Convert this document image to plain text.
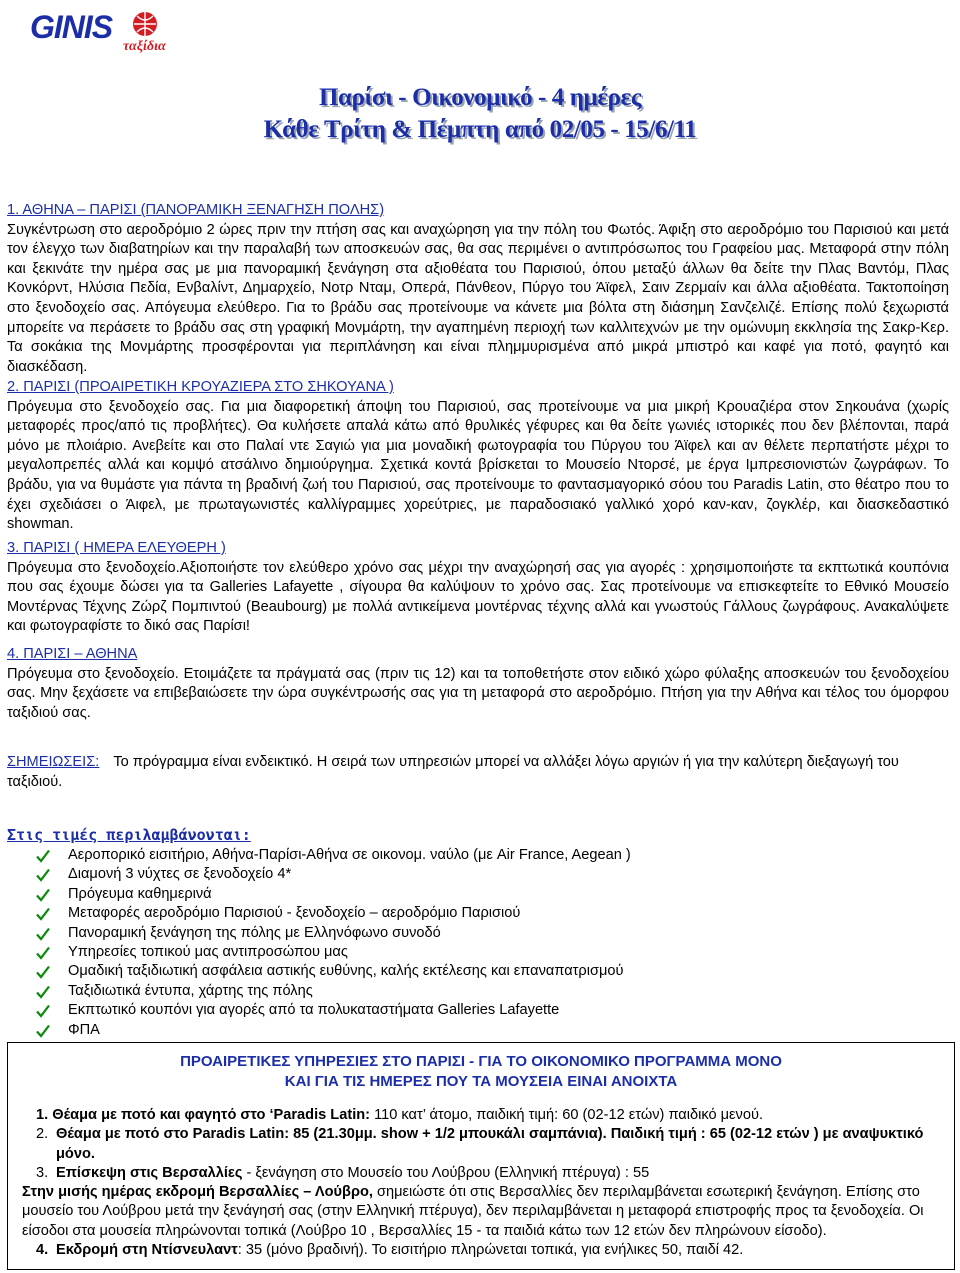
GINIS
ταξίδια
Παρίσι - Οικονομικό - 4 ημέρες
Κάθε Τρίτη & Πέμπτη από 02/05 - 15/6/11

1. ΑΘΗΝΑ – ΠΑΡΙΣΙ (ΠΑΝΟΡΑΜΙΚΗ ΞΕΝΑΓΗΣΗ ΠΟΛΗΣ)

Συγκέντρωση στο αεροδρόμιο 2 ώρες πριν την πτήση σας και αναχώρηση για την πόλη του Φωτός. Άφιξη στο αεροδρόμιο του Παρισιού και μετά τον έλεγχο των διαβατηρίων και την παραλαβή των αποσκευών σας, θα σας περιμένει ο αντιπρόσωπος του Γραφείου μας. Μεταφορά στην πόλη και ξεκινάτε την ημέρα σας με μια πανοραμική ξενάγηση στα αξιοθέατα του Παρισιού, όπου μεταξύ άλλων θα δείτε την Πλας Βαντόμ, Πλας Κονκόρντ, Ηλύσια Πεδία, Ενβαλίντ, Δημαρχείο, Νοτρ Νταμ, Οπερά, Πάνθεον, Πύργο του Άϊφελ, Σαιν Ζερμαίν και άλλα αξιοθέατα. Τακτοποίηση στο ξενοδοχείο σας. Απόγευμα ελεύθερο. Για το βράδυ σας προτείνουμε να κάνετε μια βόλτα στη διάσημη Σανζελιζέ. Επίσης πολύ ξεχωριστά μπορείτε να περάσετε το βράδυ σας στη γραφική Μονμάρτη, την αγαπημένη περιοχή των καλλιτεχνών με την ομώνυμη εκκλησία της Σακρ-Κερ. Τα σοκάκια της Μονμάρτης προσφέρονται για περιπλάνηση και είναι πλημμυρισμένα από μικρά μπιστρό και καφέ για ποτό, φαγητό και διασκέδαση.

2. ΠΑΡΙΣΙ (ΠΡΟΑΙΡΕΤΙΚΗ ΚΡΟΥΑΖΙΕΡΑ ΣΤΟ ΣΗΚΟΥΑΝΑ )

Πρόγευμα στο ξενοδοχείο σας. Για μια διαφορετική άποψη του Παρισιού, σας προτείνουμε να μια μικρή Κρουαζιέρα στον Σηκουάνα (χωρίς μεταφορές προς/από τις προβλήτες). Θα κυλήσετε απαλά κάτω από θρυλικές γέφυρες και θα δείτε γωνιές ιστορικές που δεν βλέπονται, παρά μόνο με πλοιάριο. Ανεβείτε και στο Παλαί ντε Σαγιώ για μια μοναδική φωτογραφία του Πύργου του Άϊφελ και αν θέλετε περπατήστε μέχρι το μεγαλοπρεπές αλλά και κομψό ατσάλινο δημιούργημα. Σχετικά κοντά βρίσκεται το Μουσείο Ντορσέ, με έργα Ιμπρεσιονιστών ζωγράφων. Το βράδυ, για να θυμάστε για πάντα τη βραδινή ζωή του Παρισιού, σας προτείνουμε το φαντασμαγορικό σόου του Paradis Latin, στο θέατρο που το έχει σχεδιάσει ο Άιφελ, με πρωταγωνιστές καλλίγραμμες χορεύτριες, με παραδοσιακό γαλλικό χορό καν-καν, ζογκλέρ, και διασκεδαστικό showman.

3. ΠΑΡΙΣΙ ( ΗΜΕΡΑ ΕΛΕΥΘΕΡΗ )

Πρόγευμα στο ξενοδοχείο.Αξιοποιήστε τον ελεύθερο χρόνο σας μέχρι την αναχώρησή σας για αγορές : χρησιμοποιήστε τα εκπτωτικά κουπόνια που σας έχουμε δώσει για τα Galleries Lafayette , σίγουρα θα καλύψουν το χρόνο σας. Σας προτείνουμε να επισκεφτείτε το Εθνικό Μουσείο Μοντέρνας Τέχνης Ζώρζ Πομπιντού (Beaubourg) με πολλά αντικείμενα μοντέρνας τέχνης αλλά και γνωστούς Γάλλους ζωγράφους. Ανακαλύψετε και φωτογραφίστε το δικό σας Παρίσι!

4. ΠΑΡΙΣΙ – ΑΘΗΝΑ

Πρόγευμα στο ξενοδοχείο. Ετοιμάζετε τα πράγματά σας (πριν τις 12) και τα τοποθετήστε στον ειδικό χώρο φύλαξης αποσκευών του ξενοδοχείου σας. Μην ξεχάσετε να επιβεβαιώσετε την ώρα συγκέντρωσής σας για τη μεταφορά στο αεροδρόμιο. Πτήση για την Αθήνα και τέλος του όμορφου ταξιδιού σας.

ΣΗΜΕΙΩΣΕΙΣ: Το πρόγραμμα είναι ενδεικτικό. Η σειρά των υπηρεσιών μπορεί να αλλάξει λόγω αργιών ή για την καλύτερη διεξαγωγή του ταξιδιού.
Στις τιμές περιλαμβάνονται:
Αεροπορικό εισιτήριο, Αθήνα-Παρίσι-Αθήνα σε οικονομ. ναύλο (με Air France, Aegean )
Διαμονή 3 νύχτες σε ξενοδοχείο 4*
Πρόγευμα καθημερινά
Μεταφορές αεροδρόμιο Παρισιού - ξενοδοχείο – αεροδρόμιο Παρισιού
Πανοραμική ξενάγηση της πόλης με Ελληνόφωνο συνοδό
Υπηρεσίες τοπικού μας αντιπροσώπου μας
Ομαδική ταξιδιωτική ασφάλεια αστικής ευθύνης, καλής εκτέλεσης και επαναπατρισμού
Ταξιδιωτικά έντυπα, χάρτης της πόλης
Εκπτωτικό κουπόνι για αγορές από τα πολυκαταστήματα Galleries Lafayette
ΦΠΑ
ΠΡΟΑΙΡΕΤΙΚΕΣ ΥΠΗΡΕΣΙΕΣ ΣΤΟ ΠΑΡΙΣΙ - ΓΙΑ ΤΟ ΟΙΚΟΝΟΜΙΚΟ ΠΡΟΓΡΑΜΜΑ ΜΟΝΟ
ΚΑΙ ΓΙΑ ΤΙΣ ΗΜΕΡΕΣ ΠΟΥ ΤΑ ΜΟΥΣΕΙΑ ΕΙΝΑΙ ΑΝΟΙΧΤΑ
1. Θέαμα με ποτό και φαγητό στο ‘Paradis Latin: 110 κατ’ άτομο, παιδική τιμή: 60 (02-12 ετών) παιδικό μενού.
2. Θέαμα με ποτό στο Paradis Latin: 85 (21.30μμ. show + 1/2 μπουκάλι σαμπάνια). Παιδική τιμή : 65 (02-12 ετών ) με αναψυκτικό μόνο.
3. Επίσκεψη στις Βερσαλλίες - ξενάγηση στο Μουσείο του Λούβρου (Ελληνική πτέρυγα) : 55
Στην μισής ημέρας εκδρομή Βερσαλλίες – Λούβρο, σημειώστε ότι στις Βερσαλλίες δεν περιλαμβάνεται εσωτερική ξενάγηση. Επίσης στο μουσείο του Λούβρου μετά την ξενάγησή σας (στην Ελληνική πτέρυγα), δεν περιλαμβάνεται η μεταφορά επιστροφής προς τα ξενοδοχεία. Οι είσοδοι στα μουσεία πληρώνονται τοπικά (Λούβρο 10 , Βερσαλλίες 15 - τα παιδιά κάτω των 12 ετών δεν πληρώνουν είσοδο).
4. Εκδρομή στη Ντίσνευλαντ: 35 (μόνο βραδινή). Το εισιτήριο πληρώνεται τοπικά, για ενήλικες 50, παιδί 42.
